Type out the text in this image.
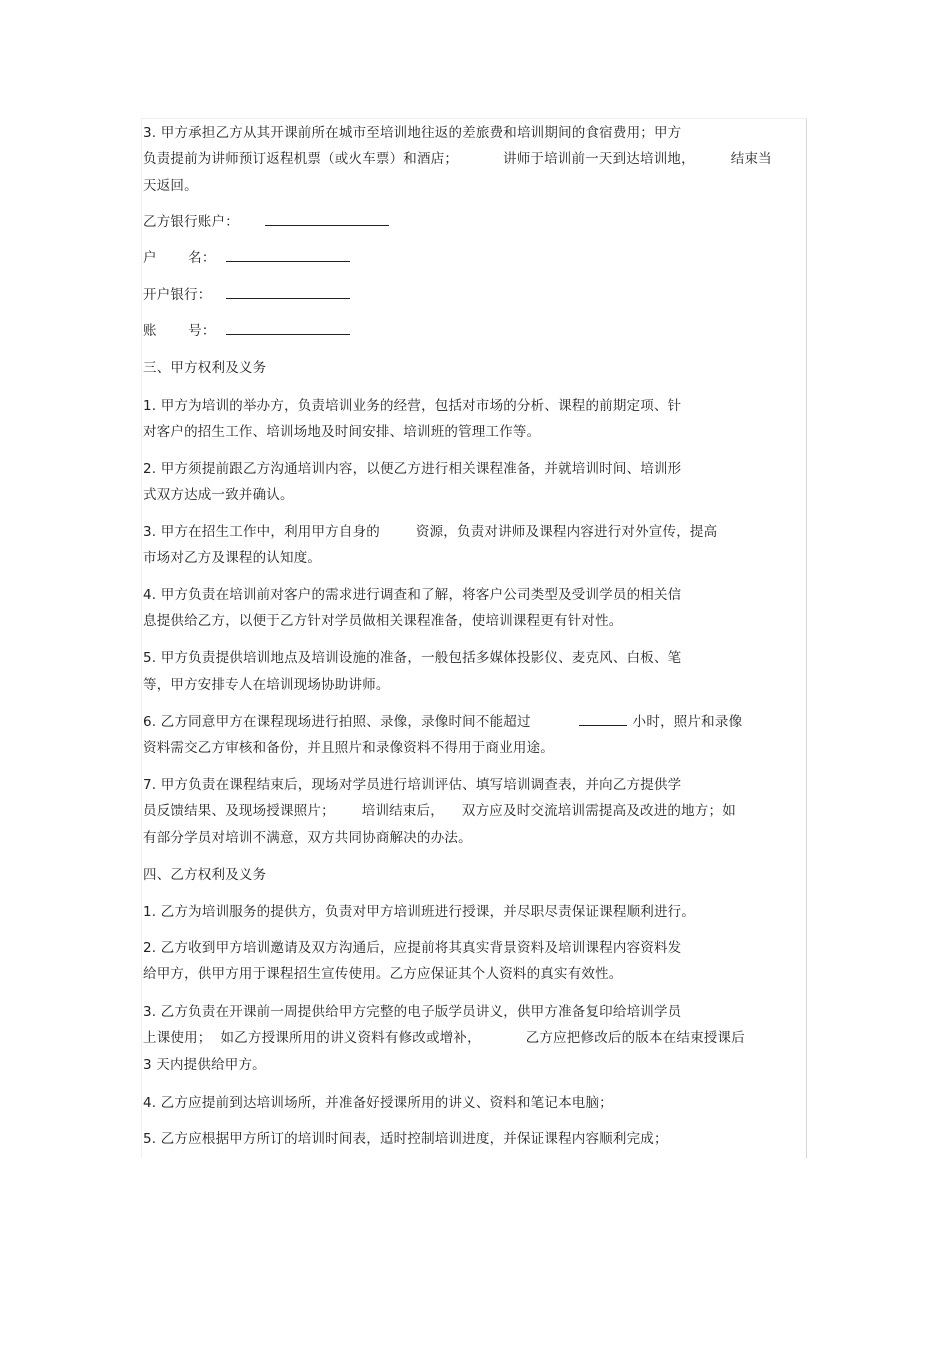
3. 甲方承担乙方从其开课前所在城市至培训地往返的差旅费和培训期间的食宿费用；甲方
负责提前为讲师预订返程机票（或火车票）和酒店；          讲师于培训前一天到达培训地，        结束当
天返回。
乙方银行账户：
户       名：
开户银行：
账       号：
三、甲方权利及义务
1. 甲方为培训的举办方，负责培训业务的经营，包括对市场的分析、课程的前期定项、针
对客户的招生工作、培训场地及时间安排、培训班的管理工作等。
2. 甲方须提前跟乙方沟通培训内容，以便乙方进行相关课程准备，并就培训时间、培训形
式双方达成一致并确认。
3. 甲方在招生工作中，利用甲方自身的        资源，负责对讲师及课程内容进行对外宣传，提高
市场对乙方及课程的认知度。
4. 甲方负责在培训前对客户的需求进行调查和了解，将客户公司类型及受训学员的相关信
息提供给乙方，以便于乙方针对学员做相关课程准备，使培训课程更有针对性。
5. 甲方负责提供培训地点及培训设施的准备，一般包括多媒体投影仪、麦克风、白板、笔
等，甲方安排专人在培训现场协助讲师。
6. 乙方同意甲方在课程现场进行拍照、录像，录像时间不能超过	小时，照片和录像
资料需交乙方审核和备份，并且照片和录像资料不得用于商业用途。
7. 甲方负责在课程结束后，现场对学员进行培训评估、填写培训调查表，并向乙方提供学
员反馈结果、及现场授课照片；      培训结束后，    双方应及时交流培训需提高及改进的地方；如
有部分学员对培训不满意，双方共同协商解决的办法。
四、乙方权利及义务
1. 乙方为培训服务的提供方，负责对甲方培训班进行授课，并尽职尽责保证课程顺利进行。
2. 乙方收到甲方培训邀请及双方沟通后，应提前将其真实背景资料及培训课程内容资料发
给甲方，供甲方用于课程招生宣传使用。乙方应保证其个人资料的真实有效性。
3. 乙方负责在开课前一周提供给甲方完整的电子版学员讲义，供甲方准备复印给培训学员
上课使用；  如乙方授课所用的讲义资料有修改或增补，          乙方应把修改后的版本在结束授课后
3 天内提供给甲方。
4. 乙方应提前到达培训场所，并准备好授课所用的讲义、资料和笔记本电脑；
5. 乙方应根据甲方所订的培训时间表，适时控制培训进度，并保证课程内容顺利完成；
